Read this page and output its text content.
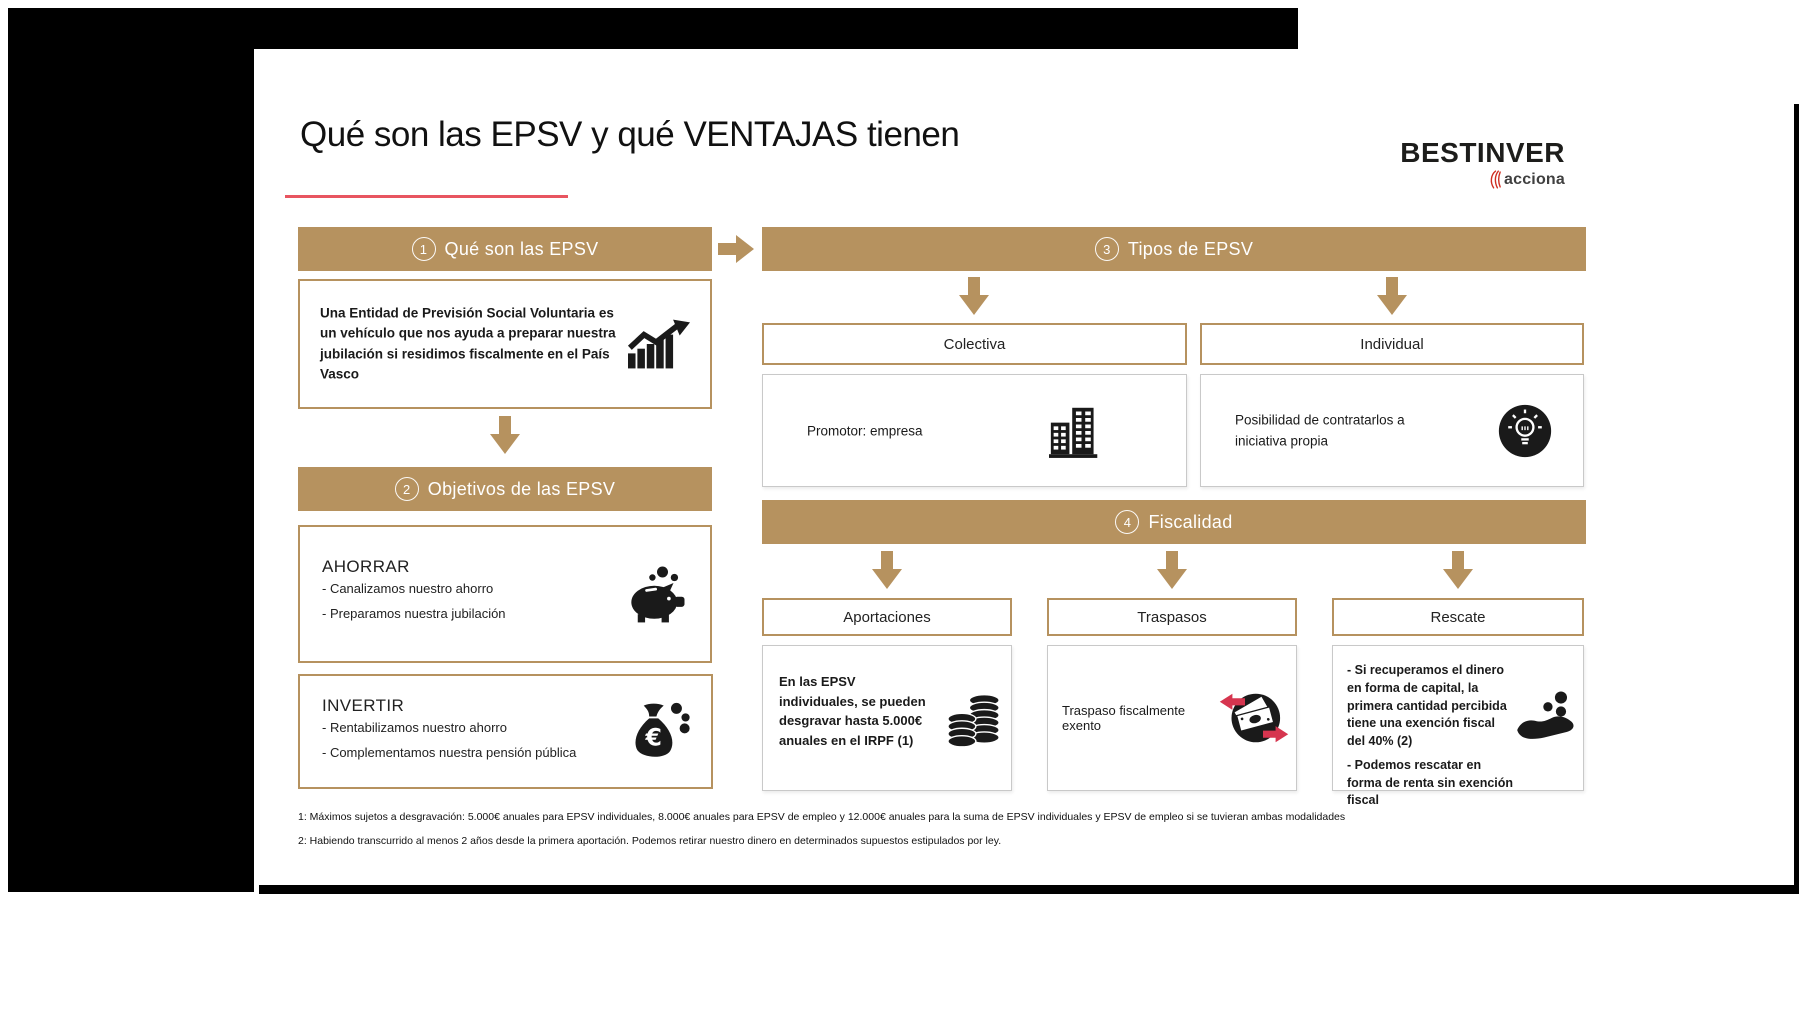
Qué son las EPSV y qué VENTAJAS tienen	BESTINVER
acciona
1 Qué son las EPSV
Una Entidad de Previsión Social Voluntaria es un vehículo que nos ayuda a preparar nuestra jubilación si residimos fiscalmente en el País Vasco
2 Objetivos de las EPSV
AHORRAR
- Canalizamos nuestro ahorro
- Preparamos nuestra jubilación
INVERTIR
- Rentabilizamos nuestro ahorro
- Complementamos nuestra pensión pública
€
3 Tipos de EPSV
Colectiva	Individual
Promotor: empresa
Posibilidad de contratarlos a iniciativa propia
4 Fiscalidad
Aportaciones	Traspasos	Rescate
En las EPSV individuales, se pueden desgravar hasta 5.000€ anuales en el IRPF (1)
Traspaso fiscalmente exento
- Si recuperamos el dinero en forma de capital, la primera cantidad percibida tiene una exención fiscal del 40% (2)
- Podemos rescatar en forma de renta sin exención fiscal
1: Máximos sujetos a desgravación: 5.000€ anuales para EPSV individuales, 8.000€ anuales para EPSV de empleo y 12.000€ anuales para la suma de EPSV individuales y EPSV de empleo si se tuvieran ambas modalidades
2: Habiendo transcurrido al menos 2 años desde la primera aportación. Podemos retirar nuestro dinero en determinados supuestos estipulados por ley.
